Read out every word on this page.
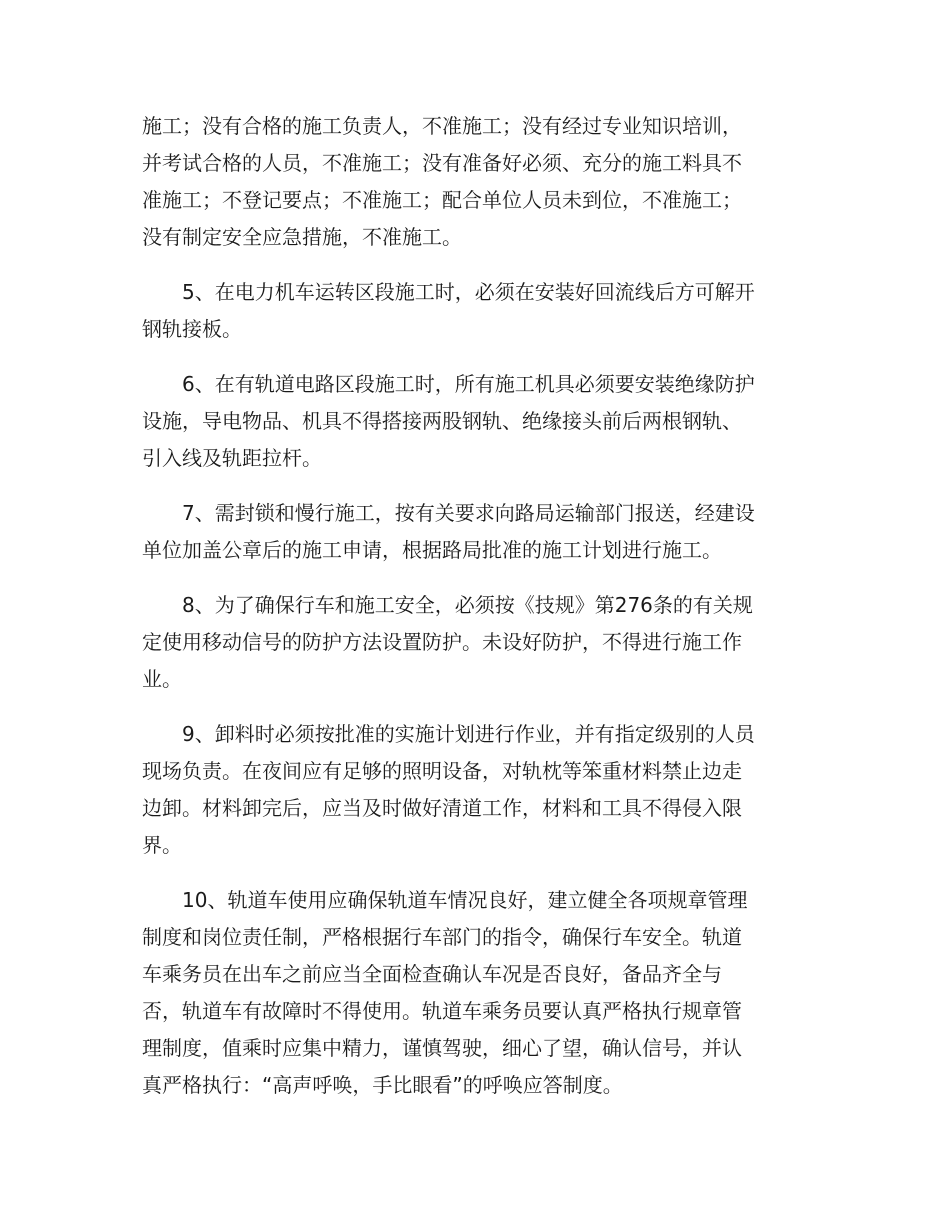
施工；没有合格的施工负责人，不准施工；没有经过专业知识培训，
并考试合格的人员，不准施工；没有准备好必须、充分的施工料具不
准施工；不登记要点；不准施工；配合单位人员未到位，不准施工；
没有制定安全应急措施，不准施工。
5、在电力机车运转区段施工时，必须在安装好回流线后方可解开
钢轨接板。
6、在有轨道电路区段施工时，所有施工机具必须要安装绝缘防护
设施，导电物品、机具不得搭接两股钢轨、绝缘接头前后两根钢轨、
引入线及轨距拉杆。
7、需封锁和慢行施工，按有关要求向路局运输部门报送，经建设
单位加盖公章后的施工申请，根据路局批准的施工计划进行施工。
8、为了确保行车和施工安全，必须按《技规》第276条的有关规
定使用移动信号的防护方法设置防护。未设好防护，不得进行施工作
业。
9、卸料时必须按批准的实施计划进行作业，并有指定级别的人员
现场负责。在夜间应有足够的照明设备，对轨枕等笨重材料禁止边走
边卸。材料卸完后，应当及时做好清道工作，材料和工具不得侵入限
界。
10、轨道车使用应确保轨道车情况良好，建立健全各项规章管理
制度和岗位责任制，严格根据行车部门的指令，确保行车安全。轨道
车乘务员在出车之前应当全面检查确认车况是否良好，备品齐全与
否，轨道车有故障时不得使用。轨道车乘务员要认真严格执行规章管
理制度，值乘时应集中精力，谨慎驾驶，细心了望，确认信号，并认
真严格执行：“高声呼唤，手比眼看”的呼唤应答制度。
